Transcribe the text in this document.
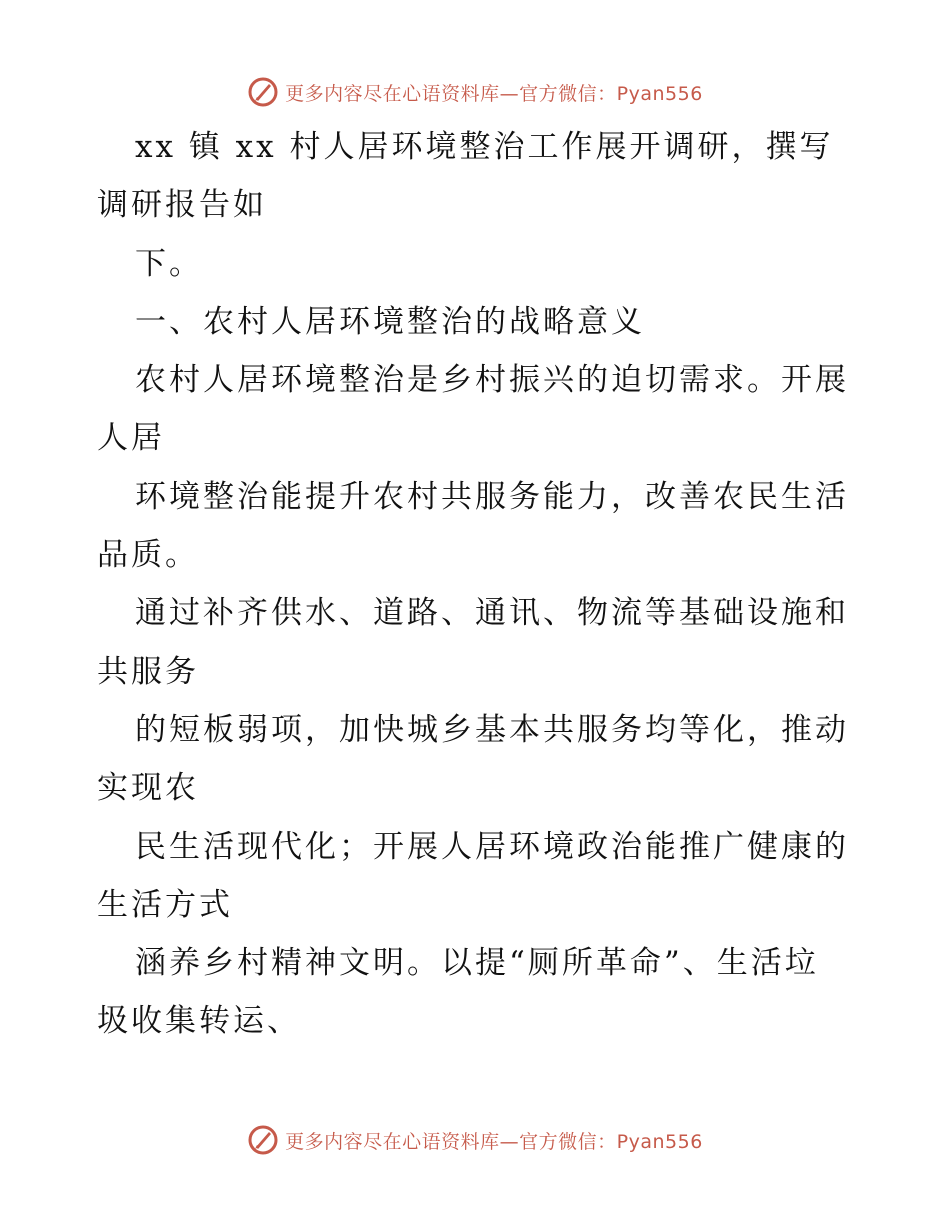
更多内容尽在心语资料库—官方微信：Pyan556
xx 镇 xx 村人居环境整治工作展开调研，撰写
调研报告如
下。
一、农村人居环境整治的战略意义
农村人居环境整治是乡村振兴的迫切需求。开展
人居
环境整治能提升农村共服务能力，改善农民生活
品质。
通过补齐供水、道路、通讯、物流等基础设施和
共服务
的短板弱项，加快城乡基本共服务均等化，推动
实现农
民生活现代化；开展人居环境政治能推广健康的
生活方式
涵养乡村精神文明。以提“厕所革命”、生活垃
圾收集转运、
更多内容尽在心语资料库—官方微信：Pyan556
